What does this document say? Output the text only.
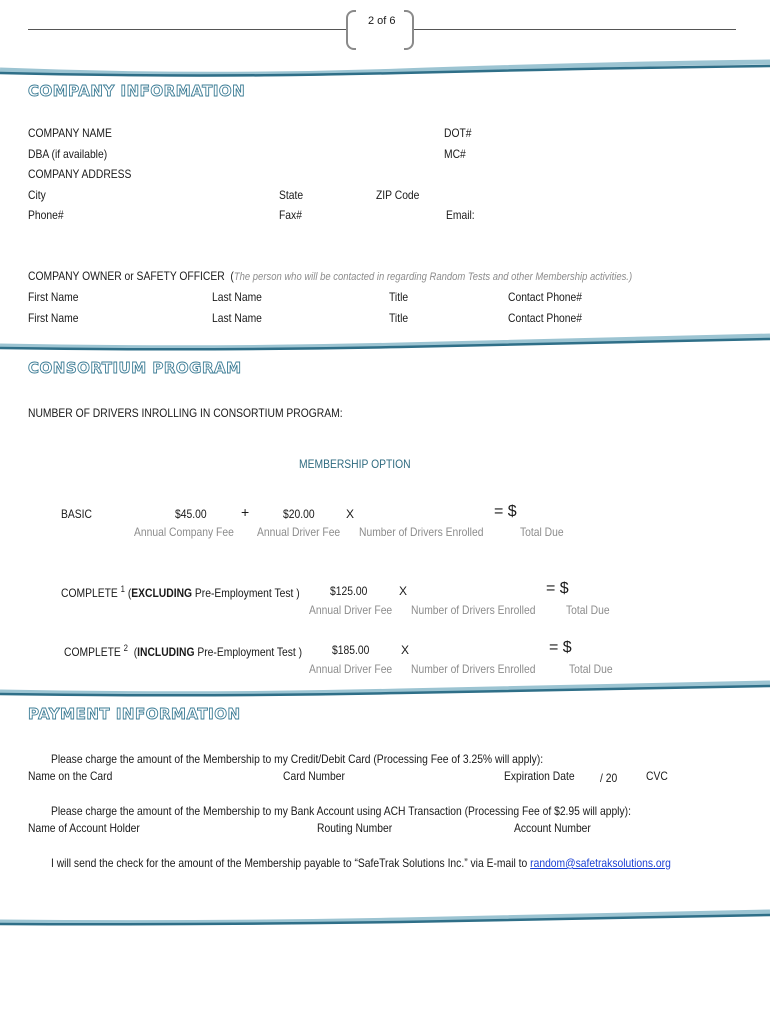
2 of 6
COMPANY INFORMATION
COMPANY NAME	DOT#
DBA (if available)	MC#
COMPANY ADDRESS
City	State	ZIP Code
Phone#	Fax#	Email:
COMPANY OWNER or SAFETY OFFICER (The person who will be contacted in regarding Random Tests and other Membership activities.)
First Name	Last Name	Title	Contact Phone#
First Name	Last Name	Title	Contact Phone#
CONSORTIUM PROGRAM
NUMBER OF DRIVERS INROLLING IN CONSORTIUM PROGRAM:
MEMBERSHIP OPTION
BASIC	$45.00	+	$20.00	X	= $
Annual Company Fee	Annual Driver Fee	Number of Drivers Enrolled	Total Due
COMPLETE $^1$ (EXCLUDING Pre-Employment Test )	$125.00	X	= $
Annual Driver Fee	Number of Drivers Enrolled	Total Due
COMPLETE $^2$ (INCLUDING Pre-Employment Test )	$185.00	X	= $
Annual Driver Fee	Number of Drivers Enrolled	Total Due
PAYMENT INFORMATION
Please charge the amount of the Membership to my Credit/Debit Card (Processing Fee of 3.25% will apply):
Name on the Card	Card Number	Expiration Date	/ 20 CVC
Please charge the amount of the Membership to my Bank Account using ACH Transaction (Processing Fee of $2.95 will apply):
Name of Account Holder	Routing Number	Account Number
I will send the check for the amount of the Membership payable to “SafeTrak Solutions Inc.” via E-mail to random@safetraksolutions.org
